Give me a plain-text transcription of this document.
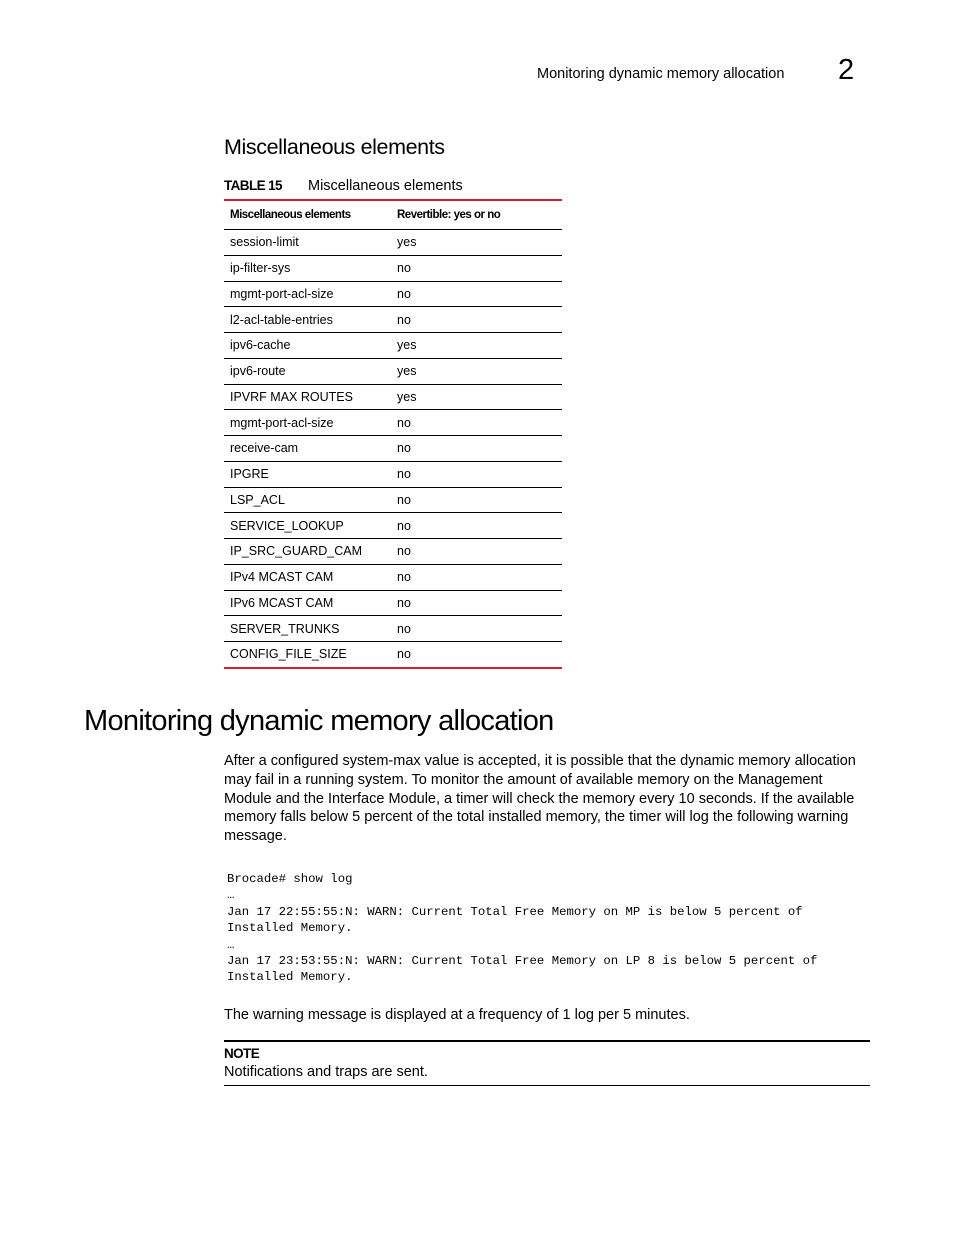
Monitoring dynamic memory allocation 2
Miscellaneous elements
TABLE 15 Miscellaneous elements
Miscellaneous elements	Revertible: yes or no
session-limit	yes
ip-filter-sys	no
mgmt-port-acl-size	no
l2-acl-table-entries	no
ipv6-cache	yes
ipv6-route	yes
IPVRF MAX ROUTES	yes
mgmt-port-acl-size	no
receive-cam	no
IPGRE	no
LSP_ACL	no
SERVICE_LOOKUP	no
IP_SRC_GUARD_CAM	no
IPv4 MCAST CAM	no
IPv6 MCAST CAM	no
SERVER_TRUNKS	no
CONFIG_FILE_SIZE	no
Monitoring dynamic memory allocation

After a configured system-max value is accepted, it is possible that the dynamic memory allocation may fail in a running system. To monitor the amount of available memory on the Management Module and the Interface Module, a timer will check the memory every 10 seconds. If the available memory falls below 5 percent of the total installed memory, the timer will log the following warning message.

Brocade# show log
…
Jan 17 22:55:55:N: WARN: Current Total Free Memory on MP is below 5 percent of
Installed Memory.
…
Jan 17 23:53:55:N: WARN: Current Total Free Memory on LP 8 is below 5 percent of
Installed Memory.

The warning message is displayed at a frequency of 1 log per 5 minutes.

NOTE
Notifications and traps are sent.
